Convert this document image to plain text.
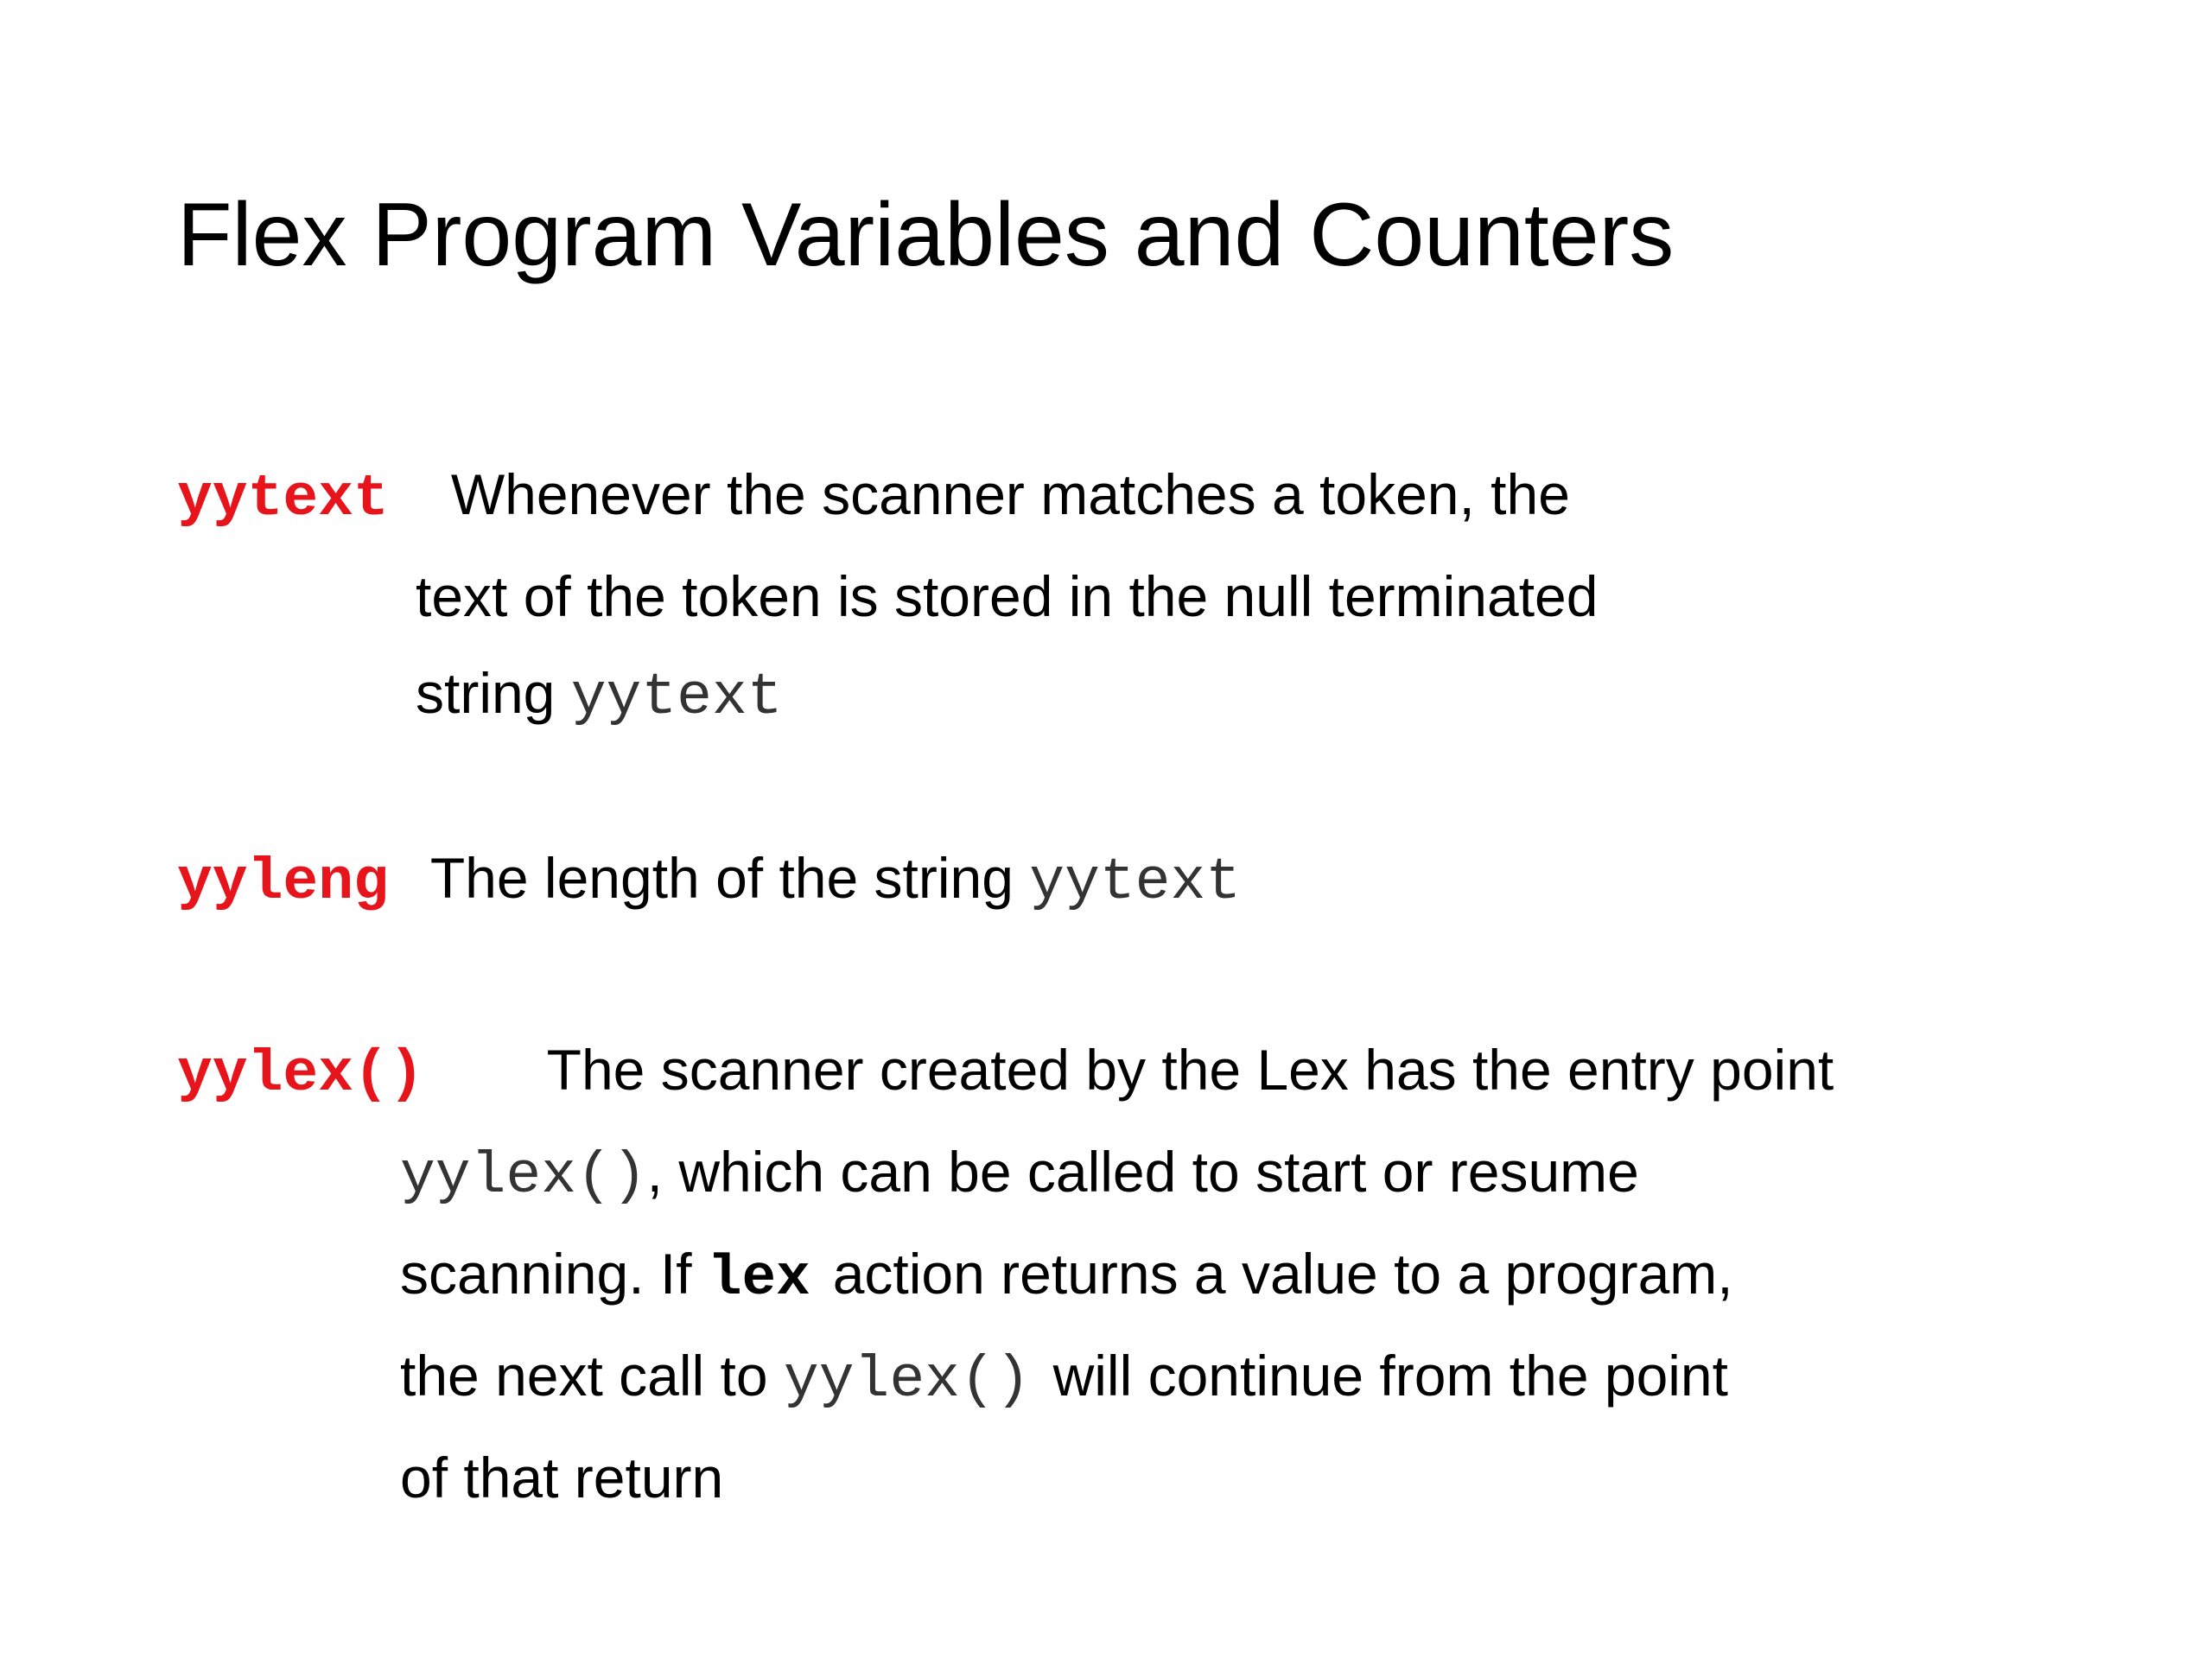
Flex Program Variables and Counters
yytext Whenever the scanner matches a token, the
text of the token is stored in the null terminated
string yytext
yyleng The length of the string yytext
yylex() The scanner created by the Lex has the entry point
yylex(), which can be called to start or resume
scanning. If lex action returns a value to a program,
the next call to yylex() will continue from the point
of that return
